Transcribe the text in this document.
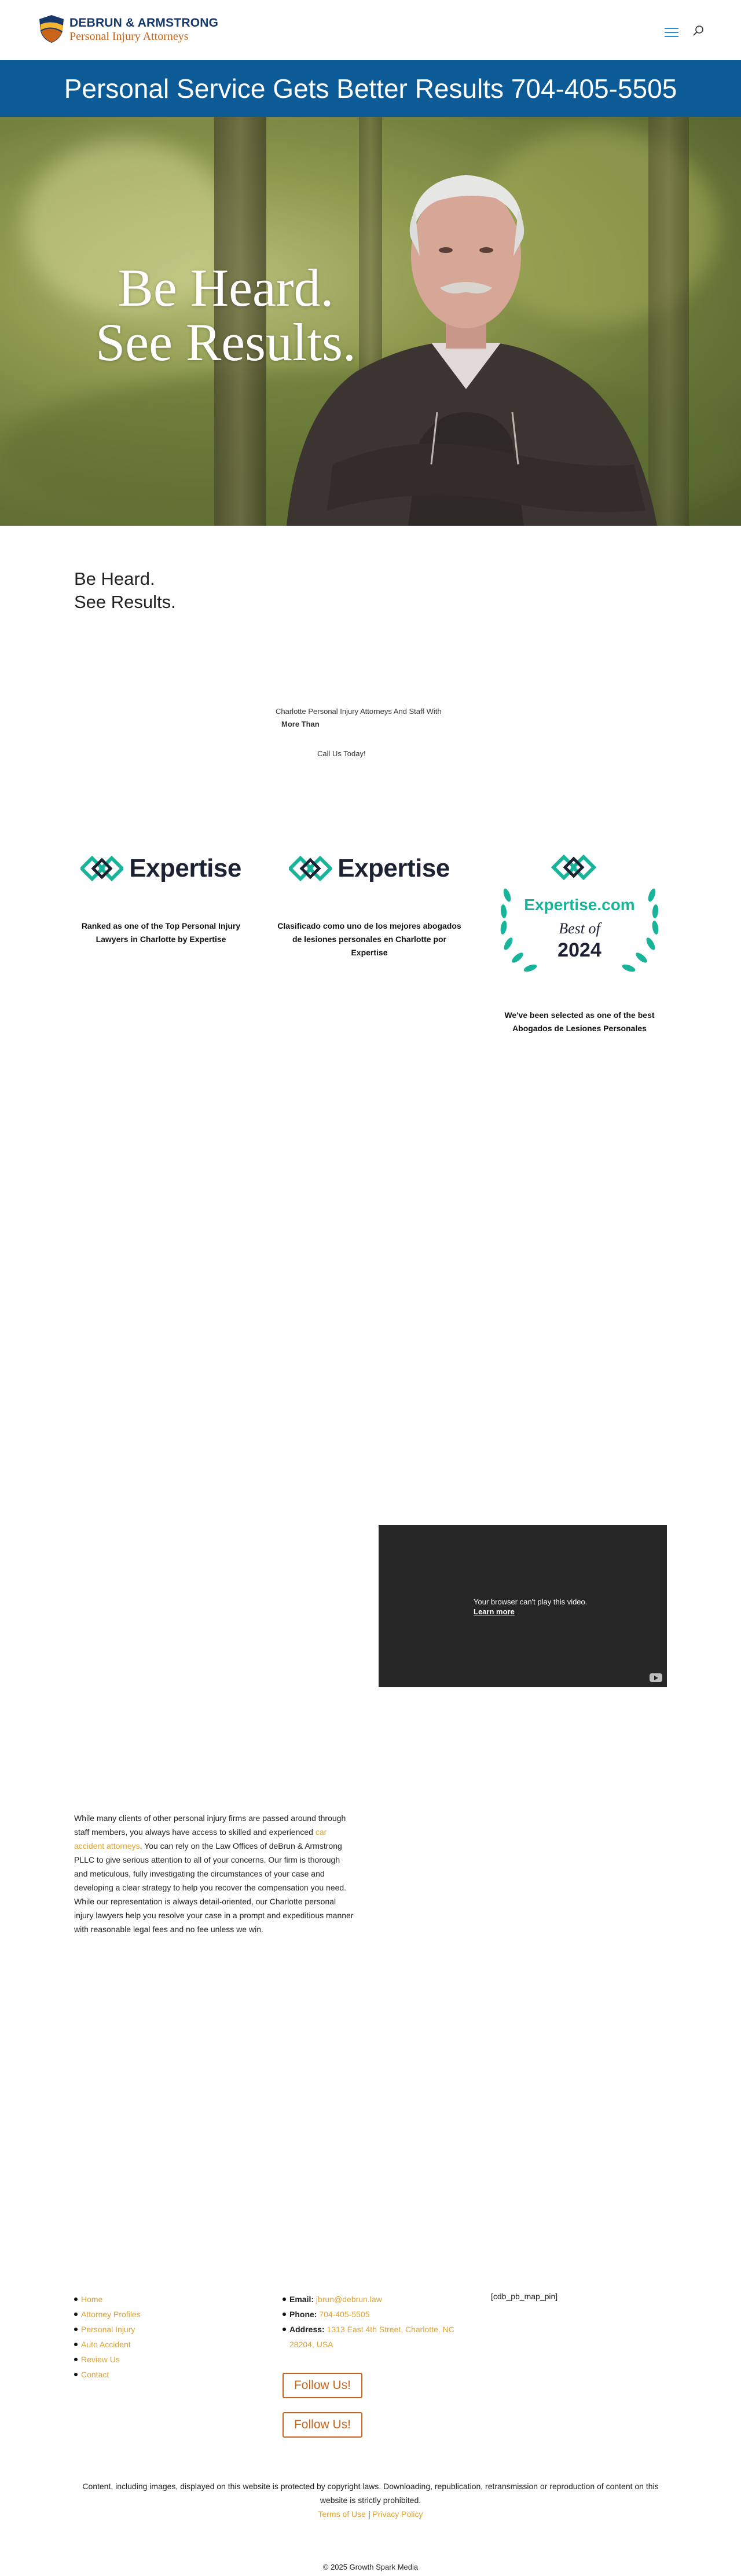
DEBRUN & ARMSTRONG
Personal Injury Attorneys
Personal Service Gets Better Results 704-405-5505
Be Heard.
See Results.
Be Heard.
See Results.
Charlotte Personal Injury Attorneys And Staff With
More Than
Call Us Today!
Expertise
Ranked as one of the Top Personal Injury Lawyers in Charlotte by Expertise
Expertise
Clasificado como uno de los mejores abogados de lesiones personales en Charlotte por Expertise
Expertise.com
Best of
2024
We've been selected as one of the best Abogados de Lesiones Personales
Your browser can't play this video.
Learn more

While many clients of other personal injury firms are passed around through staff members, you always have access to skilled and experienced car accident attorneys. You can rely on the Law Offices of deBrun & Armstrong PLLC to give serious attention to all of your concerns. Our firm is thorough and meticulous, fully investigating the circumstances of your case and developing a clear strategy to help you recover the compensation you need. While our representation is always detail-oriented, our Charlotte personal injury lawyers help you resolve your case in a prompt and expeditious manner with reasonable legal fees and no fee unless we win.

Home
Attorney Profiles
Personal Injury
Auto Accident
Review Us
Contact
Email: jbrun@debrun.law
Phone: 704-405-5505
Address: 1313 East 4th Street, Charlotte, NC 28204, USA
[cdb_pb_map_pin]
Follow Us!
Follow Us!
Content, including images, displayed on this website is protected by copyright laws. Downloading, republication, retransmission or reproduction of content on this website is strictly prohibited.
Terms of Use | Privacy Policy
© 2025 Growth Spark Media
